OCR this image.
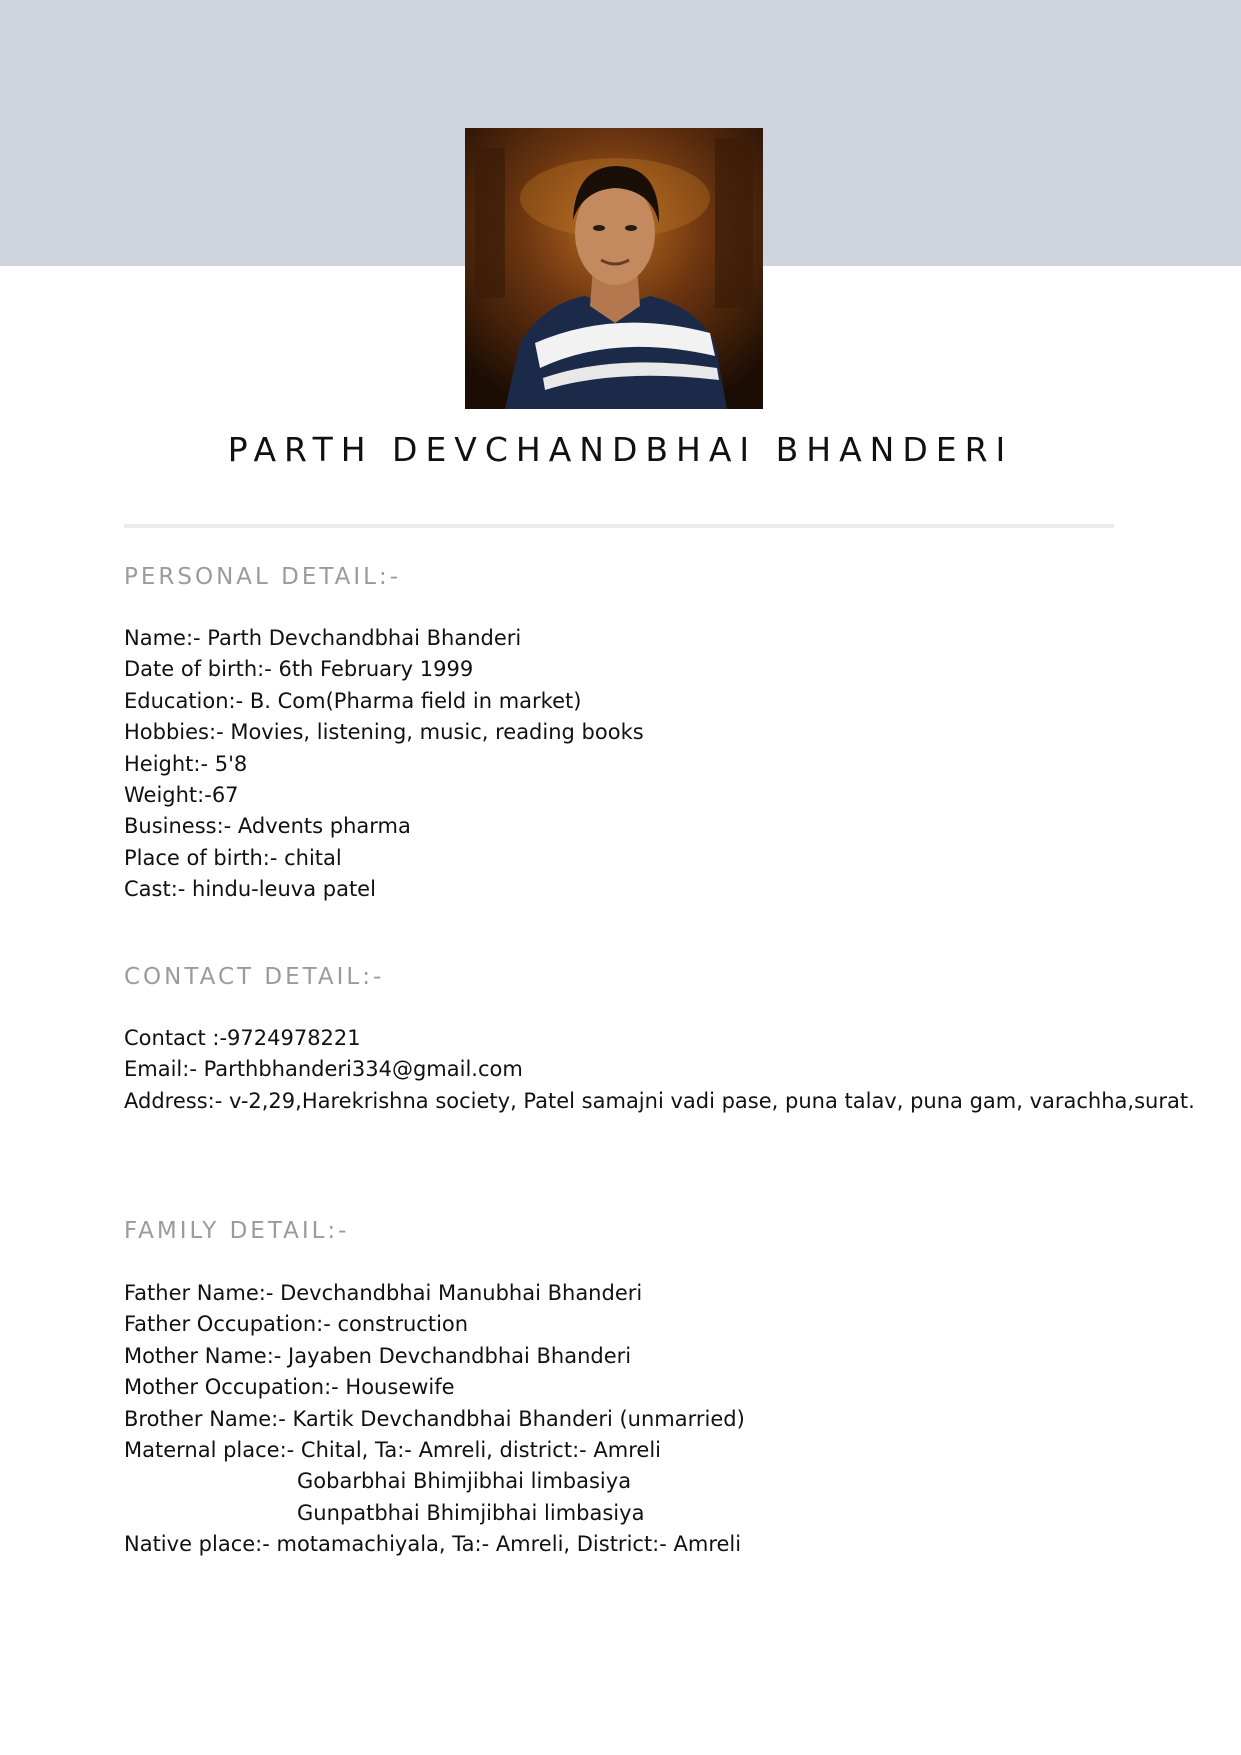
PARTH DEVCHANDBHAI BHANDERI
PERSONAL DETAIL:-
Name:- Parth Devchandbhai Bhanderi
Date of birth:- 6th February 1999
Education:- B. Com(Pharma field in market)
Hobbies:- Movies, listening, music, reading books
Height:- 5'8
Weight:-67
Business:- Advents pharma
Place of birth:- chital
Cast:- hindu-leuva patel
CONTACT DETAIL:-
Contact :-9724978221
Email:- Parthbhanderi334@gmail.com
Address:- v-2,29,Harekrishna society, Patel samajni vadi pase, puna talav, puna gam, varachha,surat.
FAMILY DETAIL:-
Father Name:- Devchandbhai Manubhai Bhanderi
Father Occupation:- construction
Mother Name:- Jayaben Devchandbhai Bhanderi
Mother Occupation:- Housewife
Brother Name:- Kartik Devchandbhai Bhanderi (unmarried)
Maternal place:- Chital, Ta:- Amreli, district:- Amreli
Gobarbhai Bhimjibhai limbasiya
Gunpatbhai Bhimjibhai limbasiya
Native place:- motamachiyala, Ta:- Amreli, District:- Amreli
